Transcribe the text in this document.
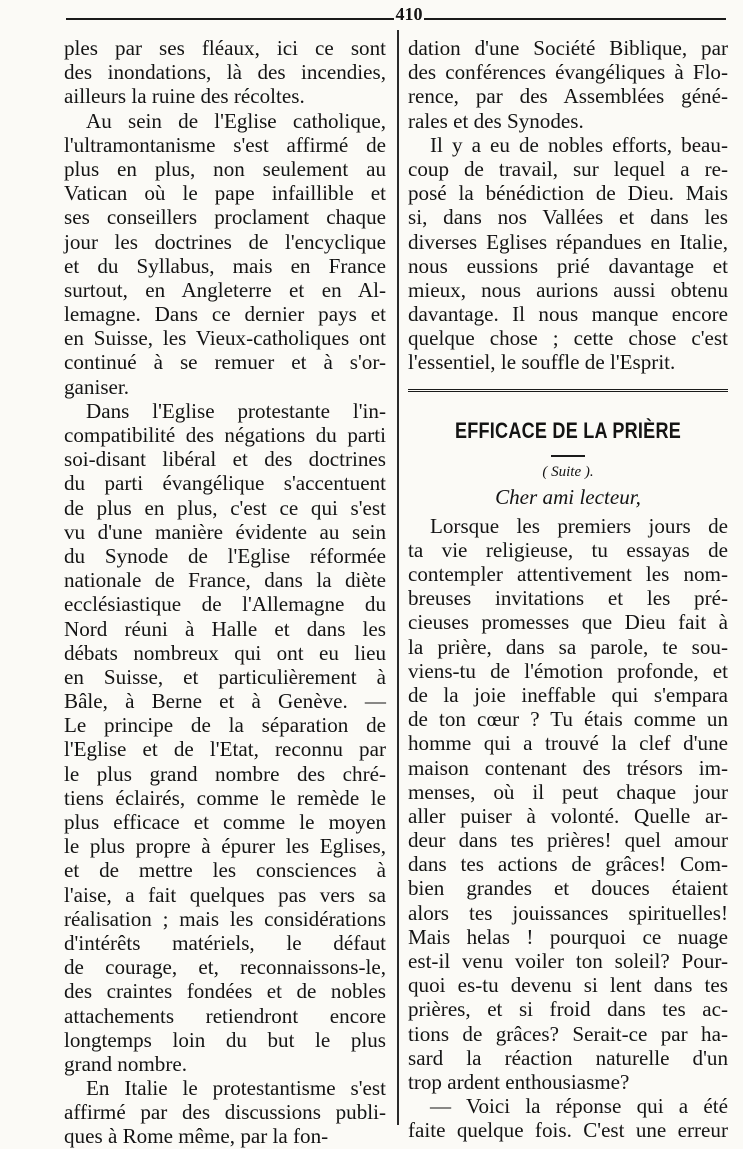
410
ples par ses fléaux, ici ce sont
des inondations, là des incendies,
ailleurs la ruine des récoltes.
Au sein de l'Eglise catholique,
l'ultramontanisme s'est affirmé de
plus en plus, non seulement au
Vatican où le pape infaillible et
ses conseillers proclament chaque
jour les doctrines de l'encyclique
et du Syllabus, mais en France
surtout, en Angleterre et en Al-
lemagne. Dans ce dernier pays et
en Suisse, les Vieux-catholiques ont
continué à se remuer et à s'or-
ganiser.
Dans l'Eglise protestante l'in-
compatibilité des négations du parti
soi-disant libéral et des doctrines
du parti évangélique s'accentuent
de plus en plus, c'est ce qui s'est
vu d'une manière évidente au sein
du Synode de l'Eglise réformée
nationale de France, dans la diète
ecclésiastique de l'Allemagne du
Nord réuni à Halle et dans les
débats nombreux qui ont eu lieu
en Suisse, et particulièrement à
Bâle, à Berne et à Genève. —
Le principe de la séparation de
l'Eglise et de l'Etat, reconnu par
le plus grand nombre des chré-
tiens éclairés, comme le remède le
plus efficace et comme le moyen
le plus propre à épurer les Eglises,
et de mettre les consciences à
l'aise, a fait quelques pas vers sa
réalisation ; mais les considérations
d'intérêts matériels, le défaut
de courage, et, reconnaissons-le,
des craintes fondées et de nobles
attachements retiendront encore
longtemps loin du but le plus
grand nombre.
En Italie le protestantisme s'est
affirmé par des discussions publi-
ques à Rome même, par la fon-
dation d'une Société Biblique, par
des conférences évangéliques à Flo-
rence, par des Assemblées géné-
rales et des Synodes.
Il y a eu de nobles efforts, beau-
coup de travail, sur lequel a re-
posé la bénédiction de Dieu. Mais
si, dans nos Vallées et dans les
diverses Eglises répandues en Italie,
nous eussions prié davantage et
mieux, nous aurions aussi obtenu
davantage. Il nous manque encore
quelque chose ; cette chose c'est
l'essentiel, le souffle de l'Esprit.
EFFICACE DE LA PRIÈRE
( Suite ).
Cher ami lecteur,
Lorsque les premiers jours de
ta vie religieuse, tu essayas de
contempler attentivement les nom-
breuses invitations et les pré-
cieuses promesses que Dieu fait à
la prière, dans sa parole, te sou-
viens-tu de l'émotion profonde, et
de la joie ineffable qui s'empara
de ton cœur ? Tu étais comme un
homme qui a trouvé la clef d'une
maison contenant des trésors im-
menses, où il peut chaque jour
aller puiser à volonté. Quelle ar-
deur dans tes prières! quel amour
dans tes actions de grâces! Com-
bien grandes et douces étaient
alors tes jouissances spirituelles!
Mais helas ! pourquoi ce nuage
est-il venu voiler ton soleil? Pour-
quoi es-tu devenu si lent dans tes
prières, et si froid dans tes ac-
tions de grâces? Serait-ce par ha-
sard la réaction naturelle d'un
trop ardent enthousiasme?
— Voici la réponse qui a été
faite quelque fois. C'est une erreur
